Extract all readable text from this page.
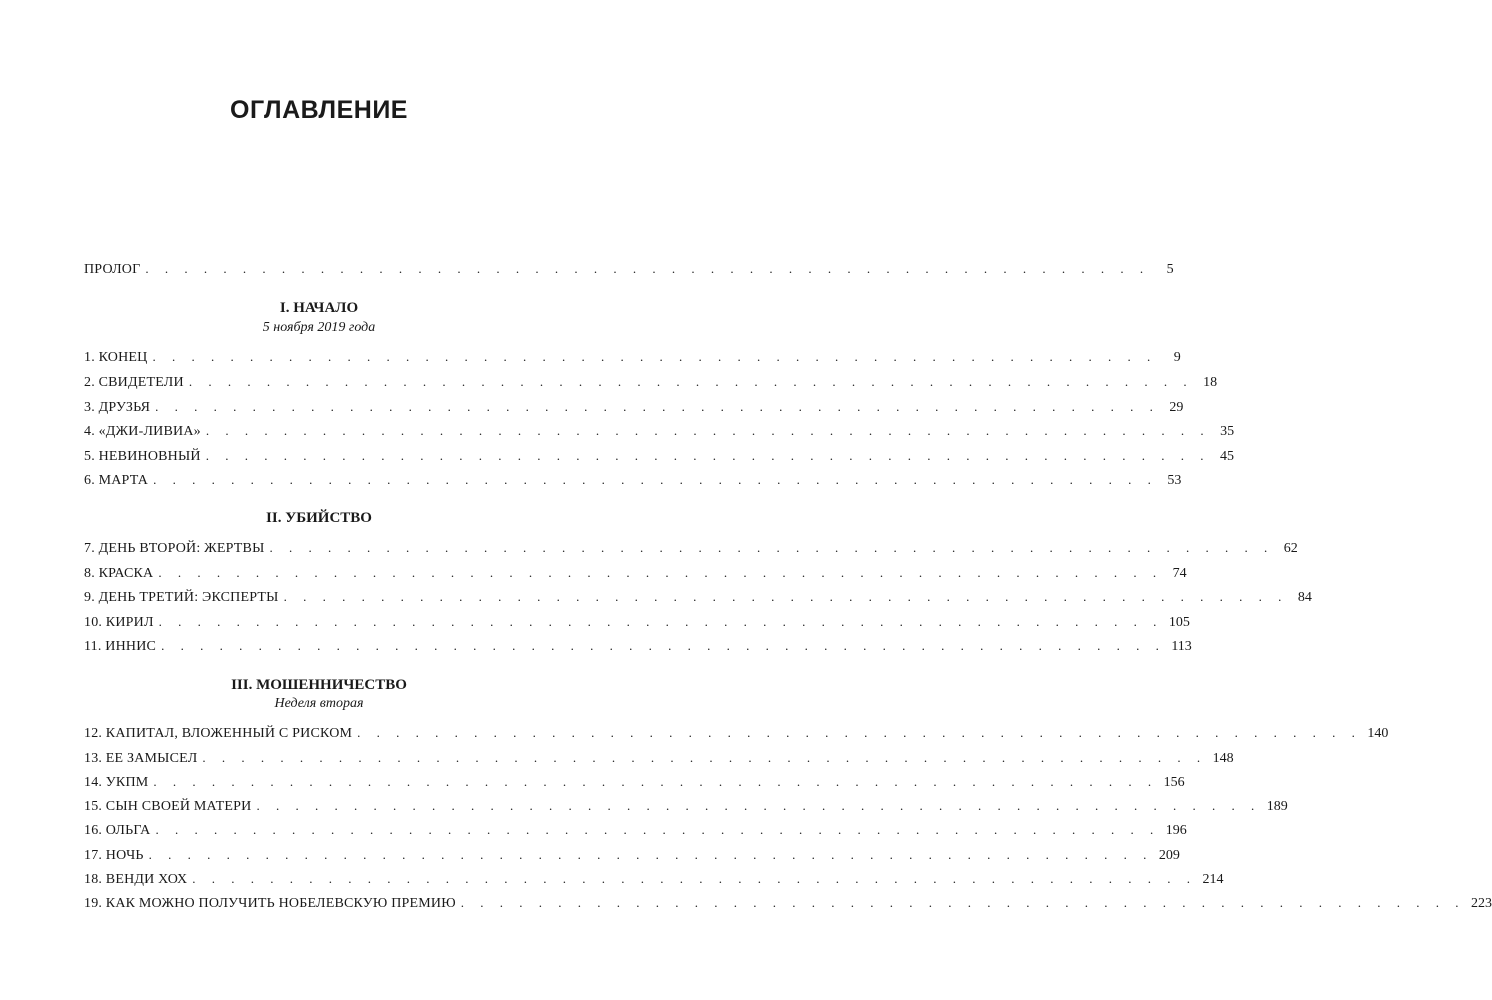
ОГЛАВЛЕНИЕ
ПРОЛОГ . . . . . . . . . . . . . . . . . . . . . . . . . . . . . . . . . . . . . . . . . . . . . . . . . . . .	5
I. НАЧАЛО
5 ноября 2019 года
1. КОНЕЦ . . . . . . . . . . . . . . . . . . . . . . . . . . . . . . . . . . . . . . . . . . . . . . . . . . . .	9
2. СВИДЕТЕЛИ . . . . . . . . . . . . . . . . . . . . . . . . . . . . . . . . . . . . . . . . . . . . . . . . . . . . 18
3. ДРУЗЬЯ . . . . . . . . . . . . . . . . . . . . . . . . . . . . . . . . . . . . . . . . . . . . . . . . . . . . 29
4. «ДЖИ-ЛИВИА» . . . . . . . . . . . . . . . . . . . . . . . . . . . . . . . . . . . . . . . . . . . . . . . . . . . . 35
5. НЕВИНОВНЫЙ . . . . . . . . . . . . . . . . . . . . . . . . . . . . . . . . . . . . . . . . . . . . . . . . . . . . 45
6. МАРТА . . . . . . . . . . . . . . . . . . . . . . . . . . . . . . . . . . . . . . . . . . . . . . . . . . . . 53
II. УБИЙСТВО
7. ДЕНЬ ВТОРОЙ: ЖЕРТВЫ . . . . . . . . . . . . . . . . . . . . . . . . . . . . . . . . . . . . . . . . . . . . . . . . . . . . 62
8. КРАСКА . . . . . . . . . . . . . . . . . . . . . . . . . . . . . . . . . . . . . . . . . . . . . . . . . . . . 74
9. ДЕНЬ ТРЕТИЙ: ЭКСПЕРТЫ . . . . . . . . . . . . . . . . . . . . . . . . . . . . . . . . . . . . . . . . . . . . . . . . . . . . 84
10. КИРИЛ . . . . . . . . . . . . . . . . . . . . . . . . . . . . . . . . . . . . . . . . . . . . . . . . . . . . 105
11. ИННИС . . . . . . . . . . . . . . . . . . . . . . . . . . . . . . . . . . . . . . . . . . . . . . . . . . . . 113
III. МОШЕННИЧЕСТВО
Неделя вторая
12. КАПИТАЛ, ВЛОЖЕННЫЙ С РИСКОМ . . . . . . . . . . . . . . . . . . . . . . . . . . . . . . . . . . . . . . . . . . . . . . . . . . . . 140
13. ЕЕ ЗАМЫСЕЛ . . . . . . . . . . . . . . . . . . . . . . . . . . . . . . . . . . . . . . . . . . . . . . . . . . . . 148
14. УКПМ . . . . . . . . . . . . . . . . . . . . . . . . . . . . . . . . . . . . . . . . . . . . . . . . . . . . 156
15. СЫН СВОЕЙ МАТЕРИ . . . . . . . . . . . . . . . . . . . . . . . . . . . . . . . . . . . . . . . . . . . . . . . . . . . . 189
16. ОЛЬГА . . . . . . . . . . . . . . . . . . . . . . . . . . . . . . . . . . . . . . . . . . . . . . . . . . . . 196
17. НОЧЬ . . . . . . . . . . . . . . . . . . . . . . . . . . . . . . . . . . . . . . . . . . . . . . . . . . . . 209
18. ВЕНДИ ХОХ . . . . . . . . . . . . . . . . . . . . . . . . . . . . . . . . . . . . . . . . . . . . . . . . . . . . 214
19. КАК МОЖНО ПОЛУЧИТЬ НОБЕЛЕВСКУЮ ПРЕМИЮ . . . . . . . . . . . . . . . . . . . . . . . . . . . . . . . . . . . . . . . . . . . . . . . . . . . . 223
